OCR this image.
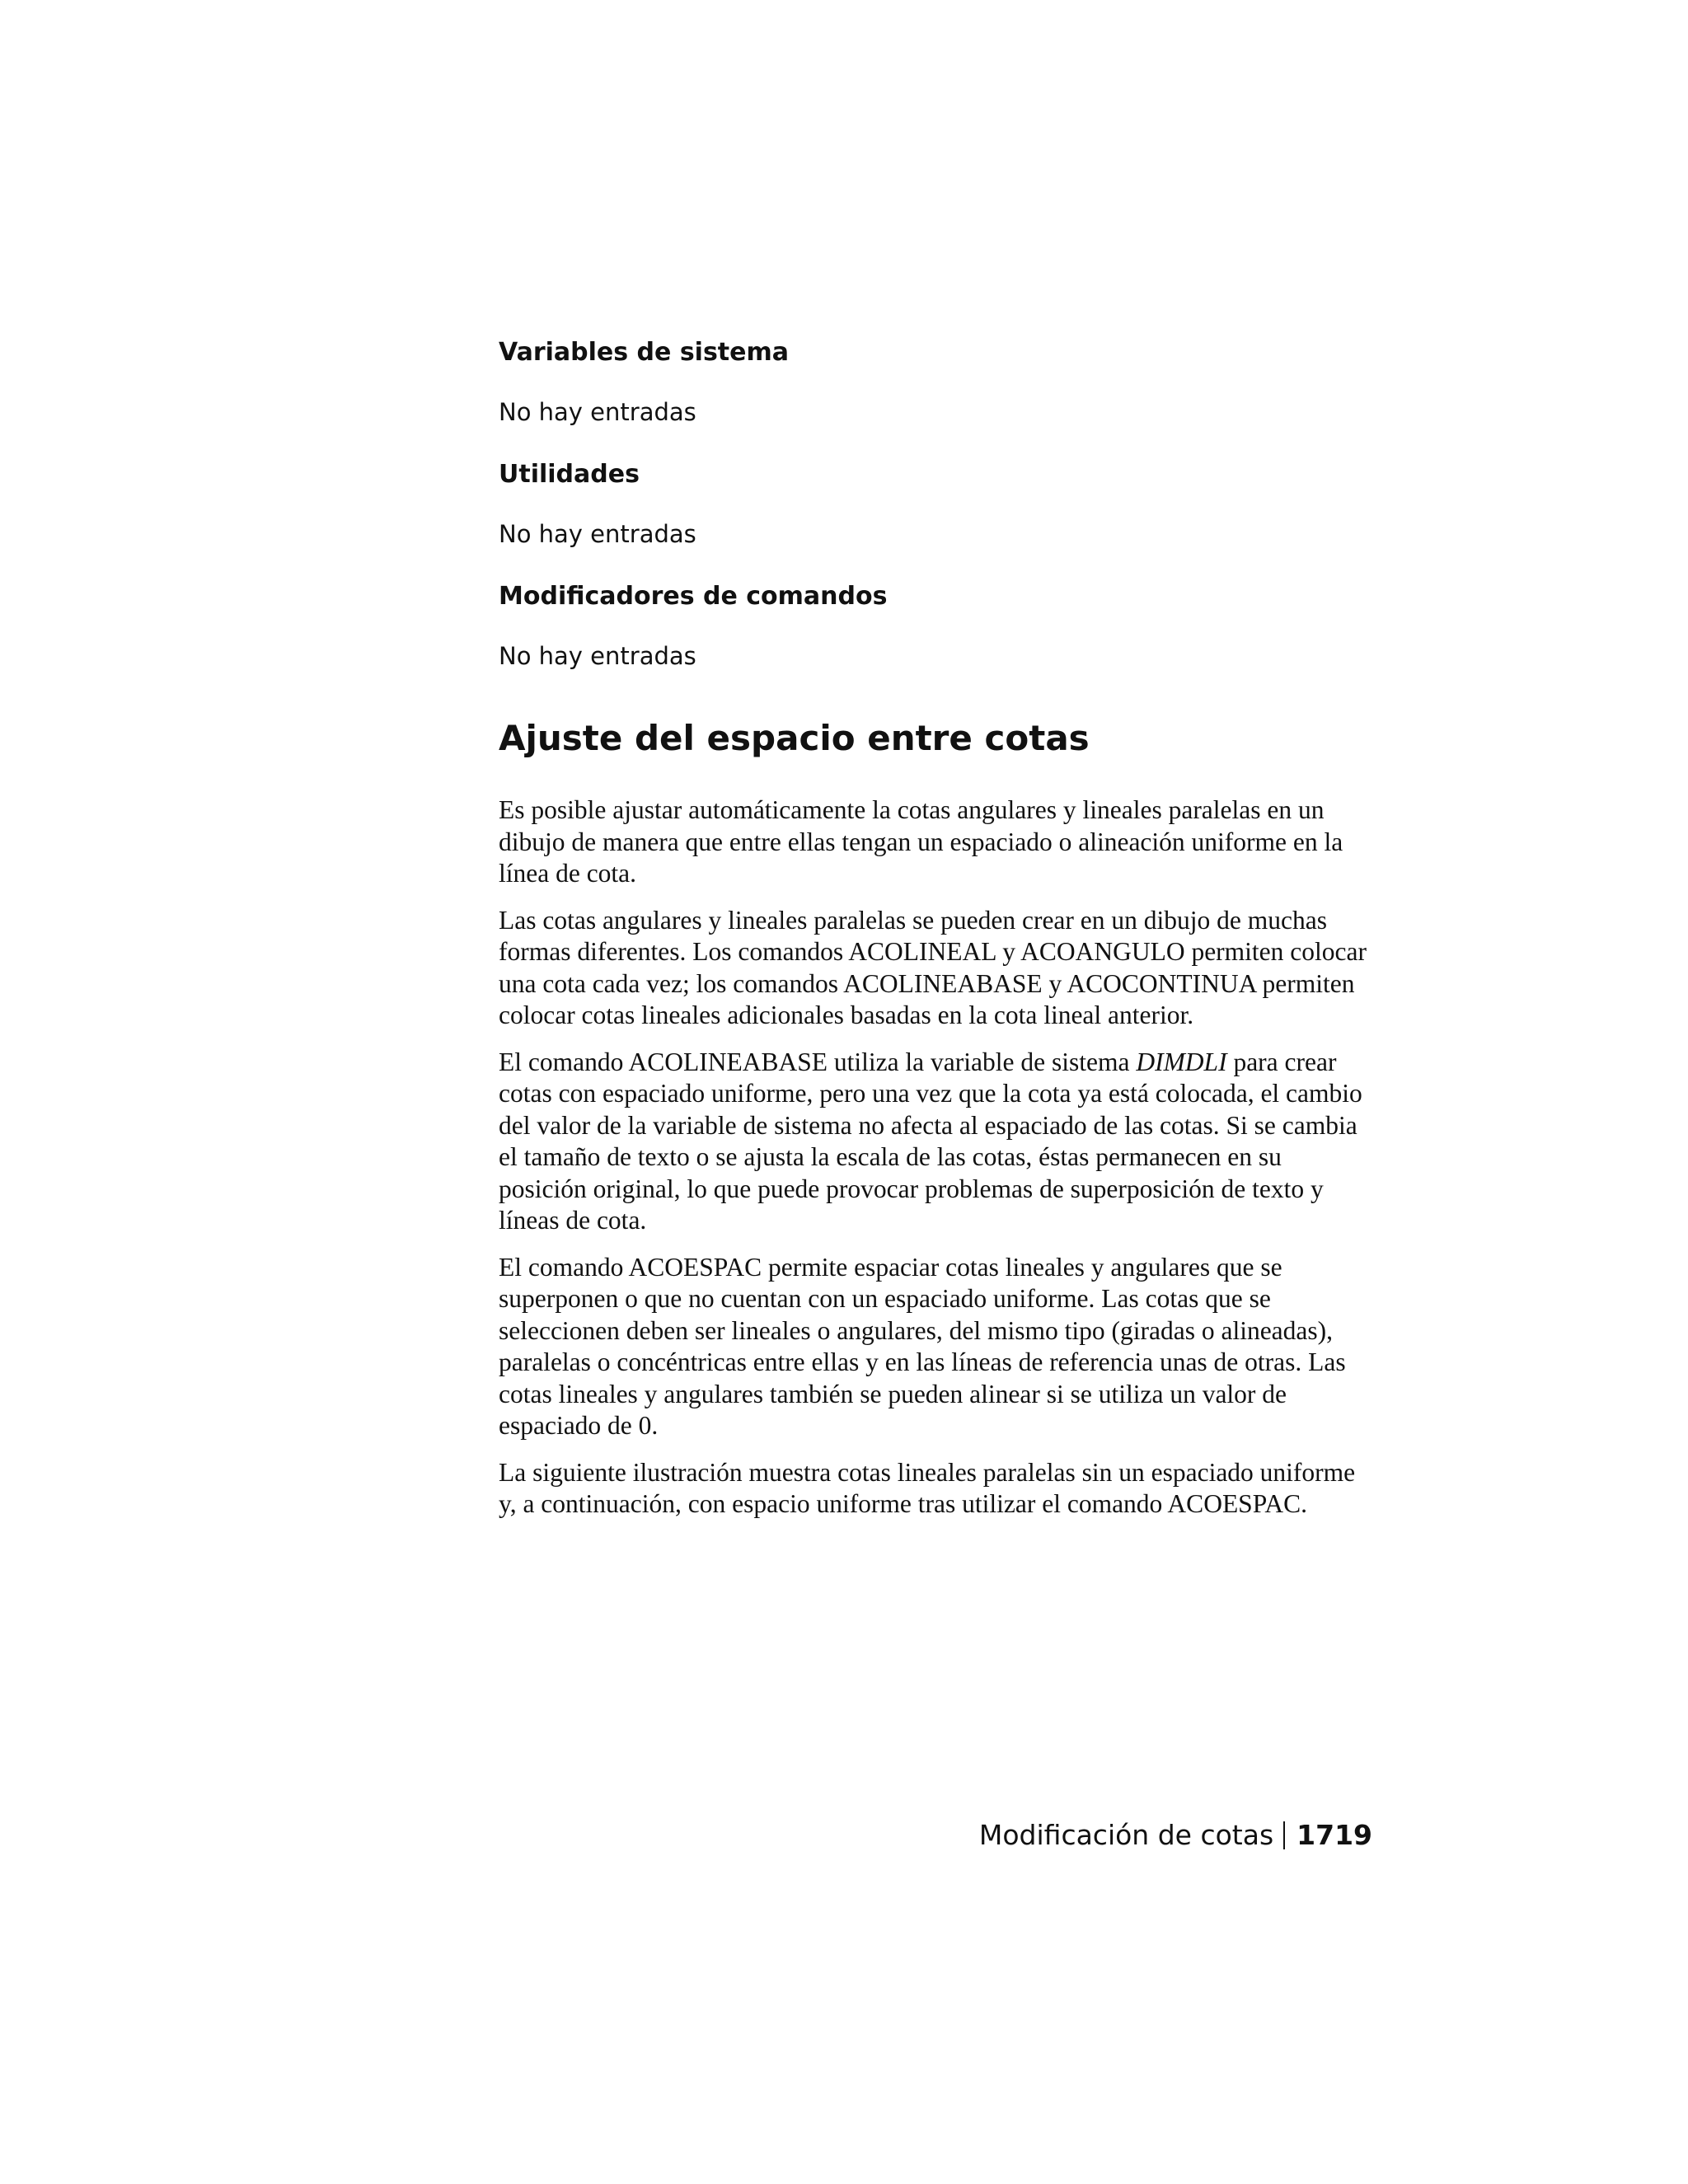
Variables de sistema

No hay entradas

Utilidades

No hay entradas

Modificadores de comandos

No hay entradas

Ajuste del espacio entre cotas

Es posible ajustar automáticamente la cotas angulares y lineales paralelas en un dibujo de manera que entre ellas tengan un espaciado o alineación uniforme en la línea de cota.

Las cotas angulares y lineales paralelas se pueden crear en un dibujo de muchas formas diferentes. Los comandos ACOLINEAL y ACOANGULO permiten colocar una cota cada vez; los comandos ACOLINEABASE y ACOCONTINUA permiten colocar cotas lineales adicionales basadas en la cota lineal anterior.

El comando ACOLINEABASE utiliza la variable de sistema DIMDLI para crear cotas con espaciado uniforme, pero una vez que la cota ya está colocada, el cambio del valor de la variable de sistema no afecta al espaciado de las cotas. Si se cambia el tamaño de texto o se ajusta la escala de las cotas, éstas permanecen en su posición original, lo que puede provocar problemas de superposición de texto y líneas de cota.

El comando ACOESPAC permite espaciar cotas lineales y angulares que se superponen o que no cuentan con un espaciado uniforme. Las cotas que se seleccionen deben ser lineales o angulares, del mismo tipo (giradas o alineadas), paralelas o concéntricas entre ellas y en las líneas de referencia unas de otras. Las cotas lineales y angulares también se pueden alinear si se utiliza un valor de espaciado de 0.

La siguiente ilustración muestra cotas lineales paralelas sin un espaciado uniforme y, a continuación, con espacio uniforme tras utilizar el comando ACOESPAC.

Modificación de cotas 1719
